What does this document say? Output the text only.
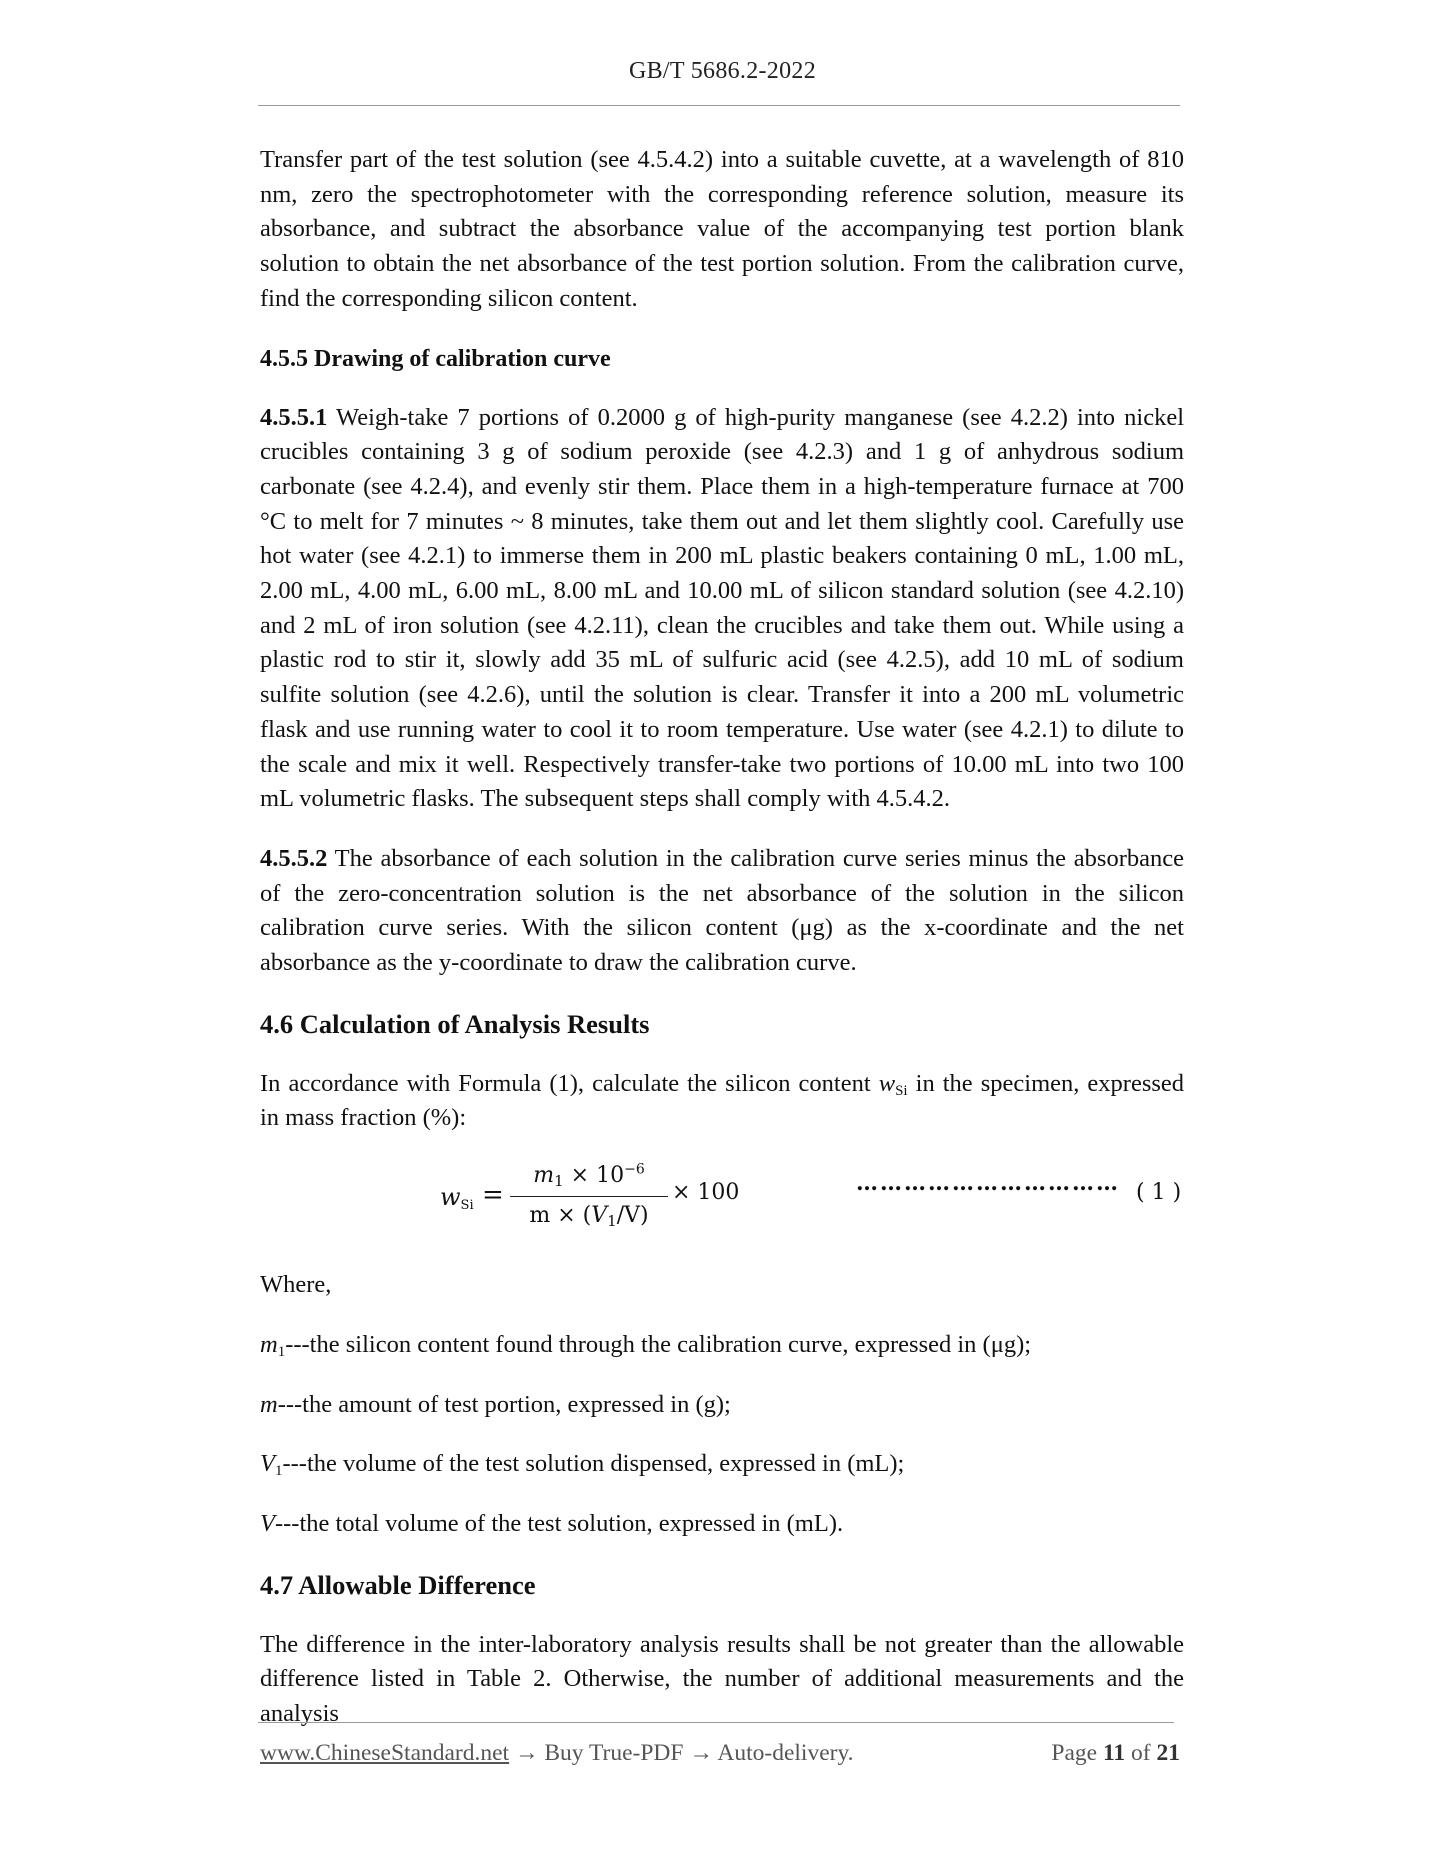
GB/T 5686.2-2022

Transfer part of the test solution (see 4.5.4.2) into a suitable cuvette, at a wavelength of 810 nm, zero the spectrophotometer with the corresponding reference solution, measure its absorbance, and subtract the absorbance value of the accompanying test portion blank solution to obtain the net absorbance of the test portion solution. From the calibration curve, find the corresponding silicon content.

4.5.5 Drawing of calibration curve

4.5.5.1 Weigh-take 7 portions of 0.2000 g of high-purity manganese (see 4.2.2) into nickel crucibles containing 3 g of sodium peroxide (see 4.2.3) and 1 g of anhydrous sodium carbonate (see 4.2.4), and evenly stir them. Place them in a high-temperature furnace at 700 °C to melt for 7 minutes ~ 8 minutes, take them out and let them slightly cool. Carefully use hot water (see 4.2.1) to immerse them in 200 mL plastic beakers containing 0 mL, 1.00 mL, 2.00 mL, 4.00 mL, 6.00 mL, 8.00 mL and 10.00 mL of silicon standard solution (see 4.2.10) and 2 mL of iron solution (see 4.2.11), clean the crucibles and take them out. While using a plastic rod to stir it, slowly add 35 mL of sulfuric acid (see 4.2.5), add 10 mL of sodium sulfite solution (see 4.2.6), until the solution is clear. Transfer it into a 200 mL volumetric flask and use running water to cool it to room temperature. Use water (see 4.2.1) to dilute to the scale and mix it well. Respectively transfer-take two portions of 10.00 mL into two 100 mL volumetric flasks. The subsequent steps shall comply with 4.5.4.2.

4.5.5.2 The absorbance of each solution in the calibration curve series minus the absorbance of the zero-concentration solution is the net absorbance of the solution in the silicon calibration curve series. With the silicon content (μg) as the x-coordinate and the net absorbance as the y-coordinate to draw the calibration curve.

4.6 Calculation of Analysis Results

In accordance with Formula (1), calculate the silicon content $w_{Si}$ in the specimen, expressed in mass fraction (%):

$w_{Si}$ =
$m_1 \times 10^{-6}$
$m \times (V_1/V)$
× 100	…………………………… ( 1 )

Where,

$m_1--$-the silicon content found through the calibration curve, expressed in (μg);

m---the amount of test portion, expressed in (g);

$V_1--$-the volume of the test solution dispensed, expressed in (mL);

V---the total volume of the test solution, expressed in (mL).

4.7 Allowable Difference

The difference in the inter-laboratory analysis results shall be not greater than the allowable difference listed in Table 2. Otherwise, the number of additional measurements and the analysis

www.ChineseStandard.net → Buy True-PDF → Auto-delivery.	Page 11 of 21
